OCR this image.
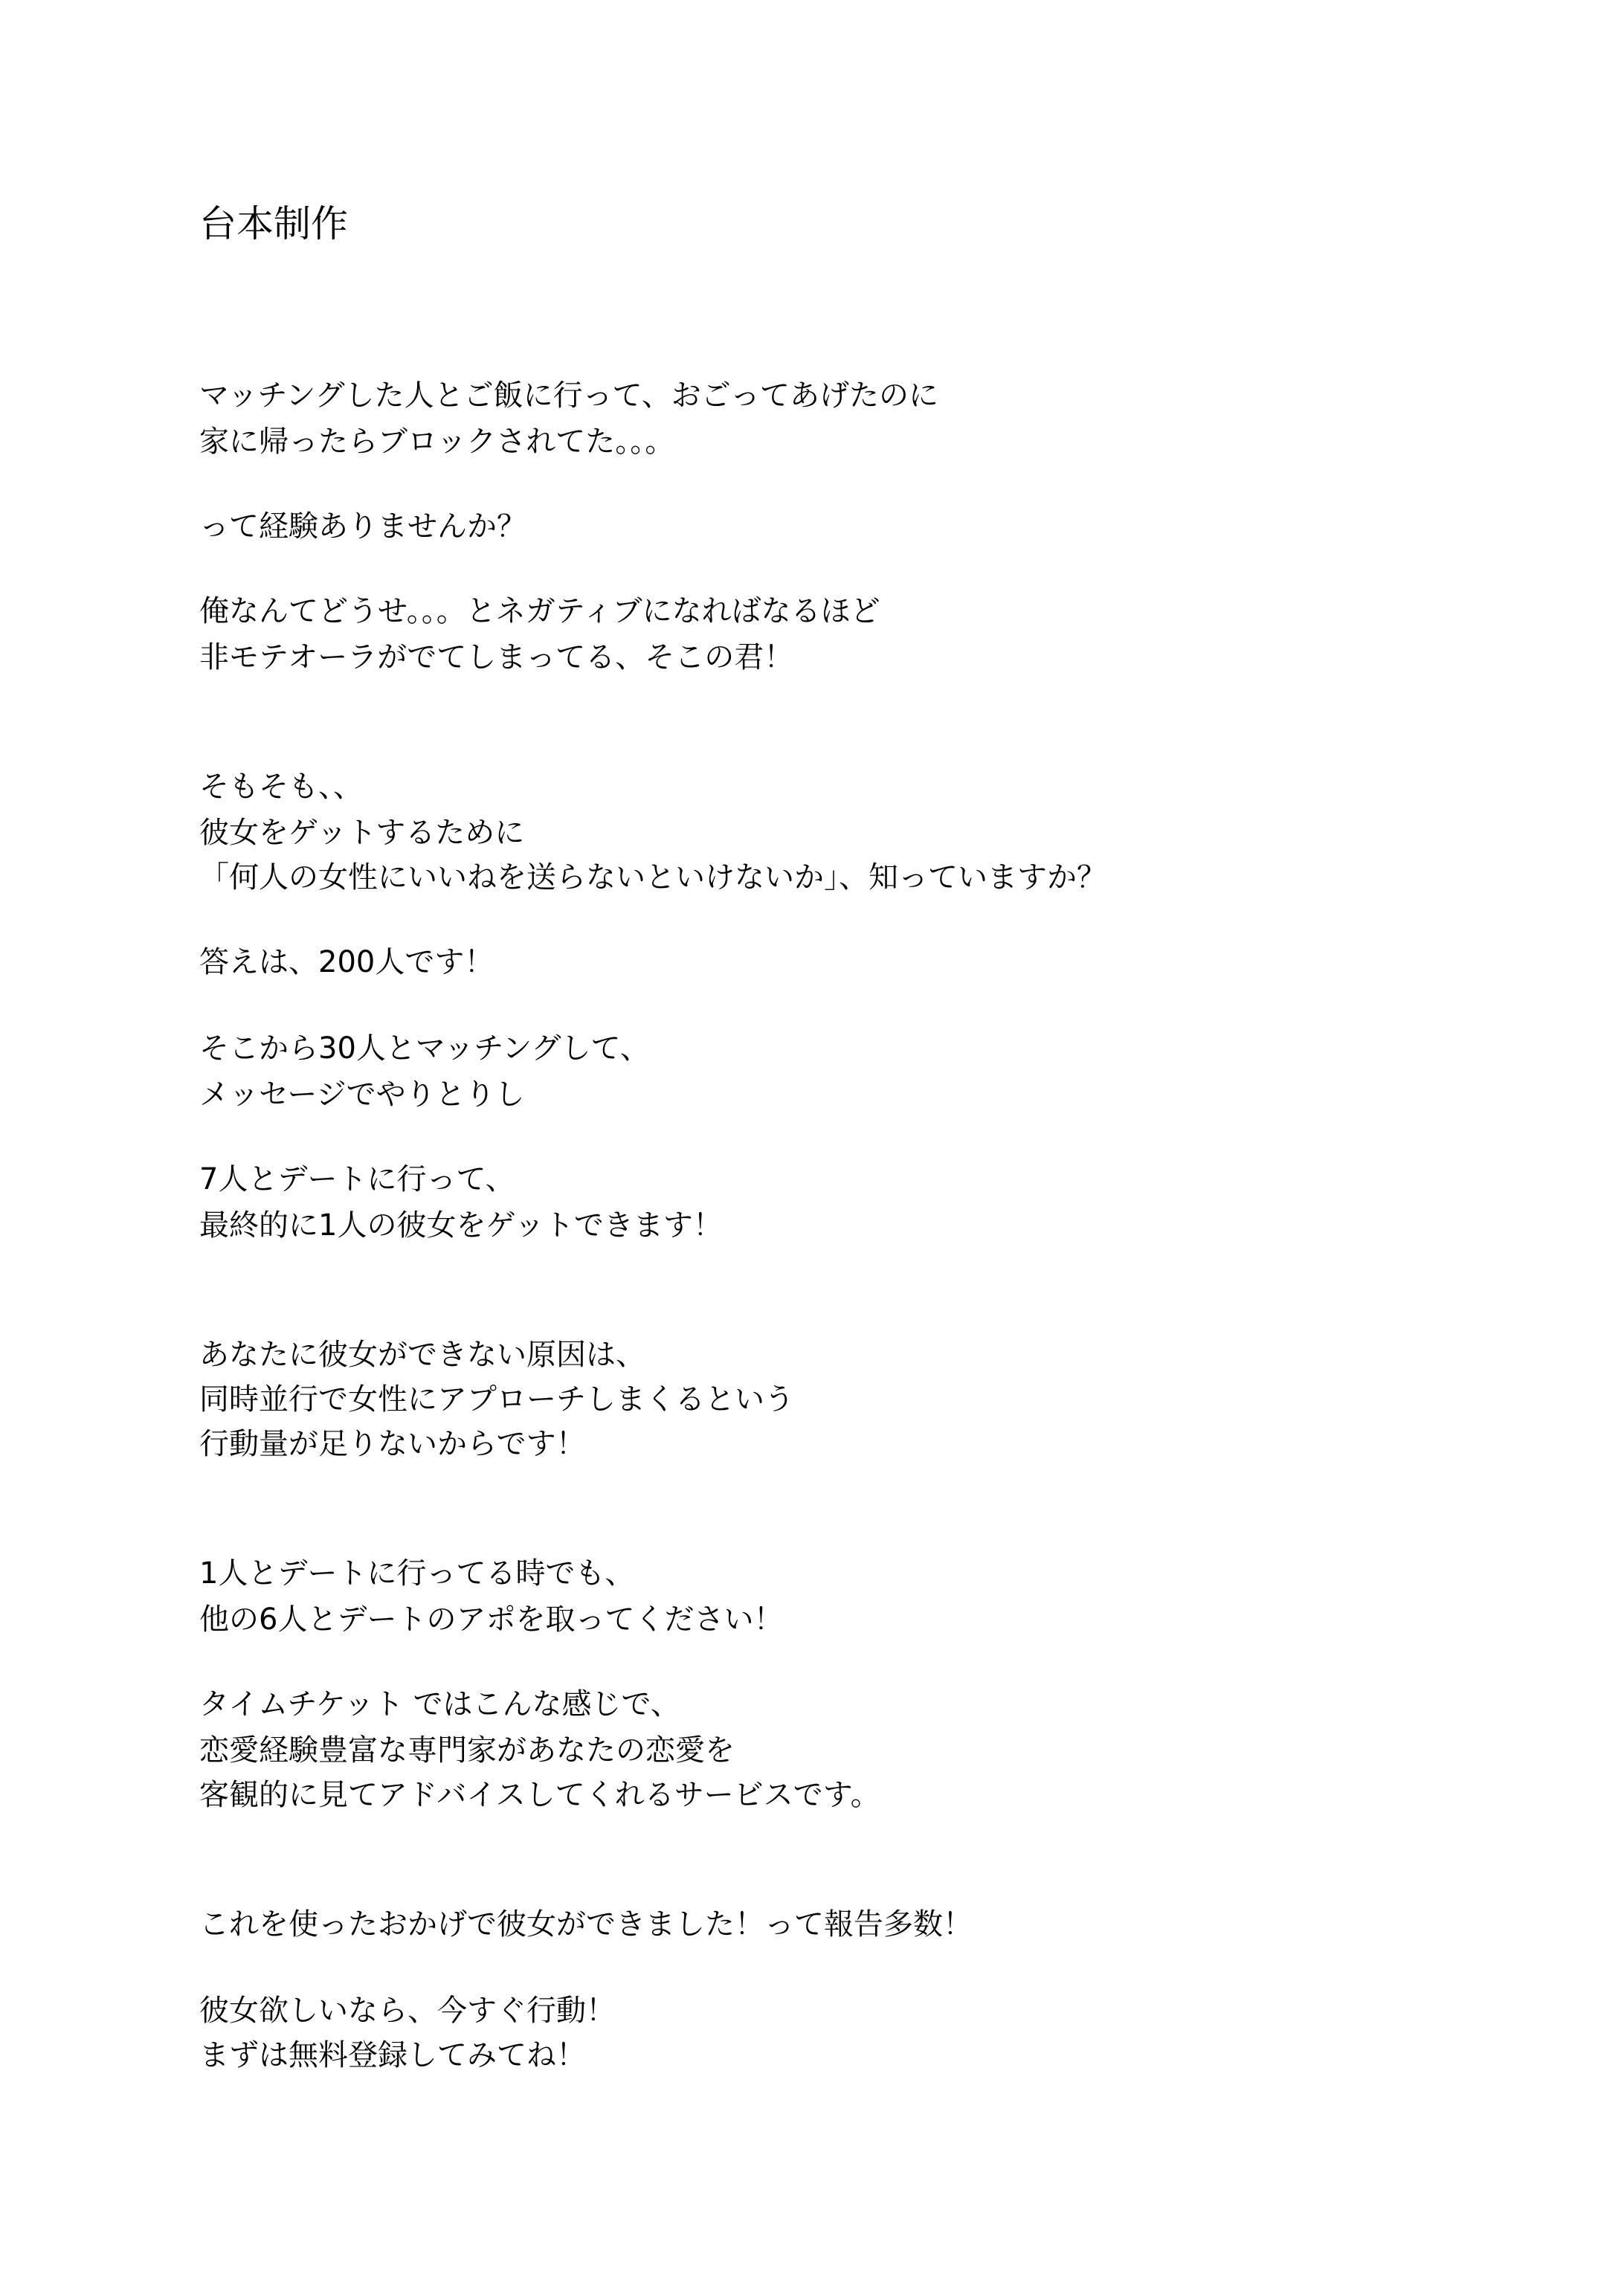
台本制作

マッチングした人とご飯に行って、おごってあげたのに

家に帰ったらブロックされてた。。。

って経験ありませんか？

俺なんてどうせ。。。とネガティブになればなるほど

非モテオーラがでてしまってる、そこの君！

そもそも、、

彼女をゲットするために

「何人の女性にいいねを送らないといけないか」、知っていますか？

答えは、200人です！

そこから30人とマッチングして、

メッセージでやりとりし

7人とデートに行って、

最終的に1人の彼女をゲットできます！

あなたに彼女ができない原因は、

同時並行で女性にアプローチしまくるという

行動量が足りないからです！

1人とデートに行ってる時でも、

他の6人とデートのアポを取ってください！

タイムチケット ではこんな感じで、

恋愛経験豊富な専門家があなたの恋愛を

客観的に見てアドバイスしてくれるサービスです。

これを使ったおかげで彼女ができました！って報告多数！

彼女欲しいなら、今すぐ行動！

まずは無料登録してみてね！
